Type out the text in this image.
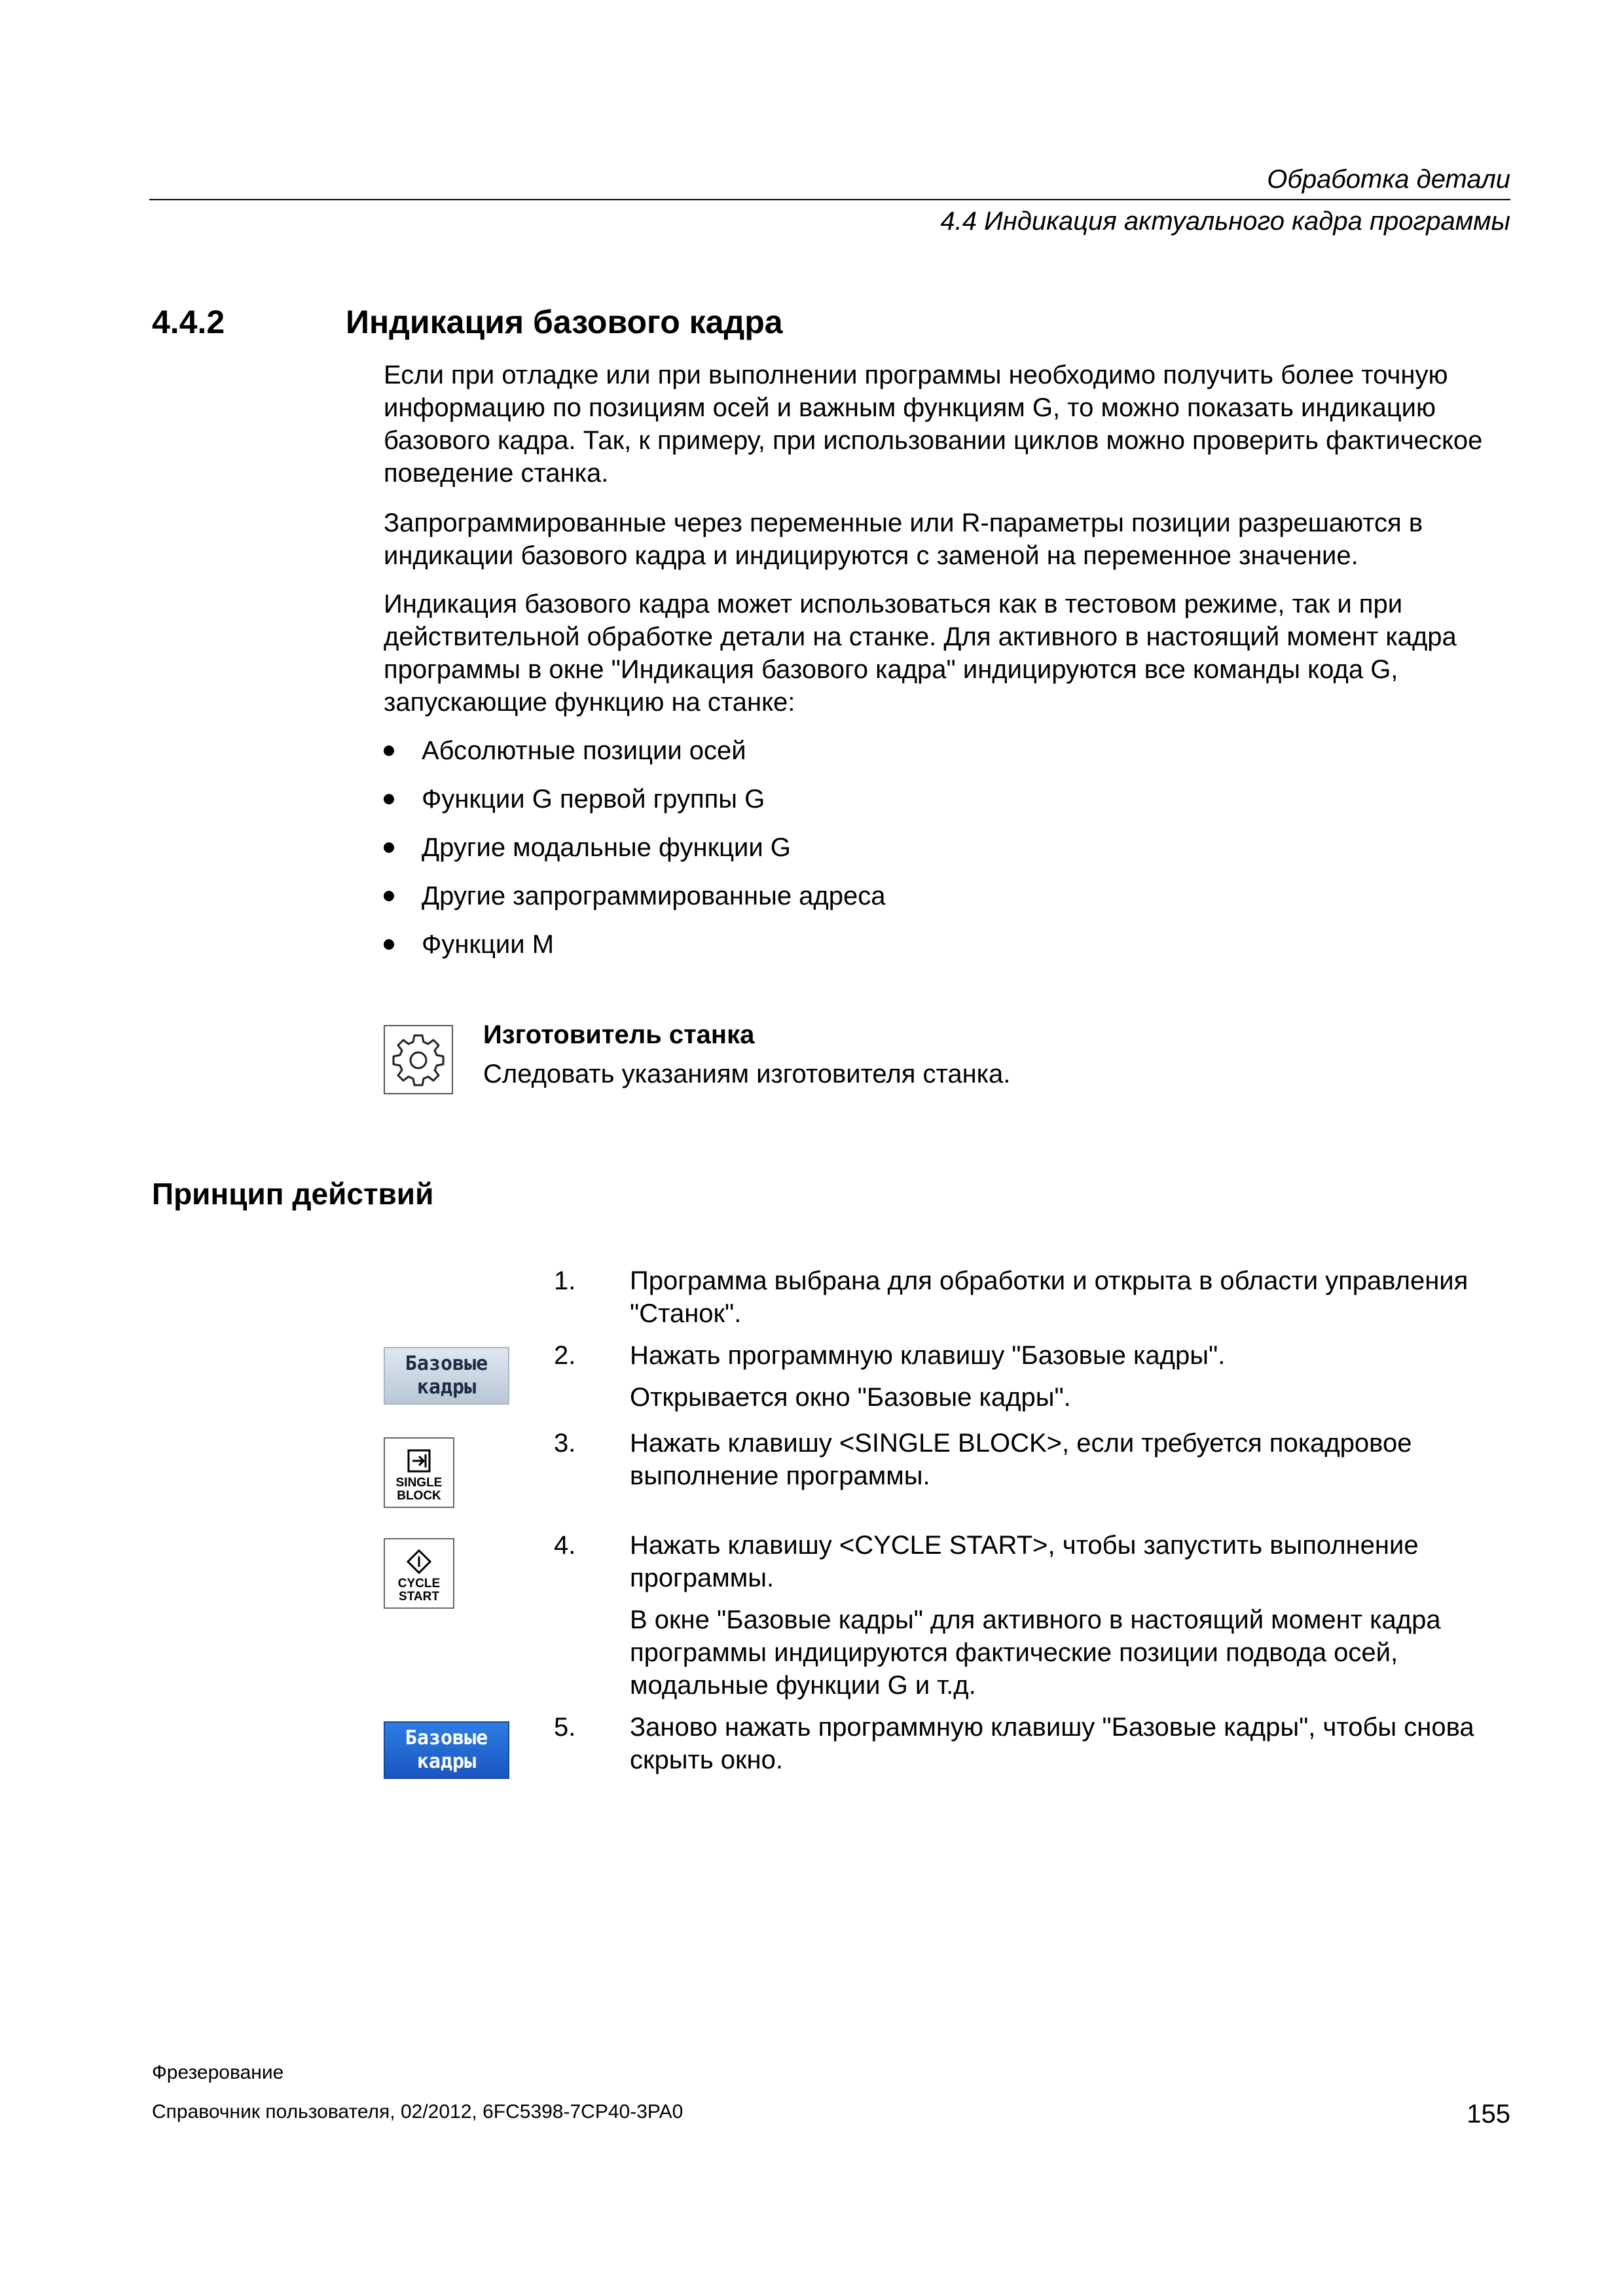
Обработка детали
4.4 Индикация актуального кадра программы
4.4.2	Индикация базового кадра

Если при отладке или при выполнении программы необходимо получить более точную информацию по позициям осей и важным функциям G, то можно показать индикацию базового кадра. Так, к примеру, при использовании циклов можно проверить фактическое поведение станка.

Запрограммированные через переменные или R-параметры позиции разрешаются в индикации базового кадра и индицируются с заменой на переменное значение.

Индикация базового кадра может использоваться как в тестовом режиме, так и при действительной обработке детали на станке. Для активного в настоящий момент кадра программы в окне "Индикация базового кадра" индицируются все команды кода G, запускающие функцию на станке:

Абсолютные позиции осей
Функции G первой группы G
Другие модальные функции G
Другие запрограммированные адреса
Функции M
Изготовитель станка
Следовать указаниям изготовителя станка.
Принцип действий
1. Программа выбрана для обработки и открыта в области управления "Станок".

Базовые
кадры
2. Нажать программную клавишу "Базовые кадры".

Открывается окно "Базовые кадры".

SINGLE
BLOCK
3. Нажать клавишу <SINGLE BLOCK>, если требуется покадровое выполнение программы.

CYCLE
START
4. Нажать клавишу <CYCLE START>, чтобы запустить выполнение программы.

В окне "Базовые кадры" для активного в настоящий момент кадра программы индицируются фактические позиции подвода осей, модальные функции G и т.д.

Базовые
кадры
5. Заново нажать программную клавишу "Базовые кадры", чтобы снова скрыть окно.

Фрезерование
Справочник пользователя, 02/2012, 6FC5398-7CP40-3PA0	155
